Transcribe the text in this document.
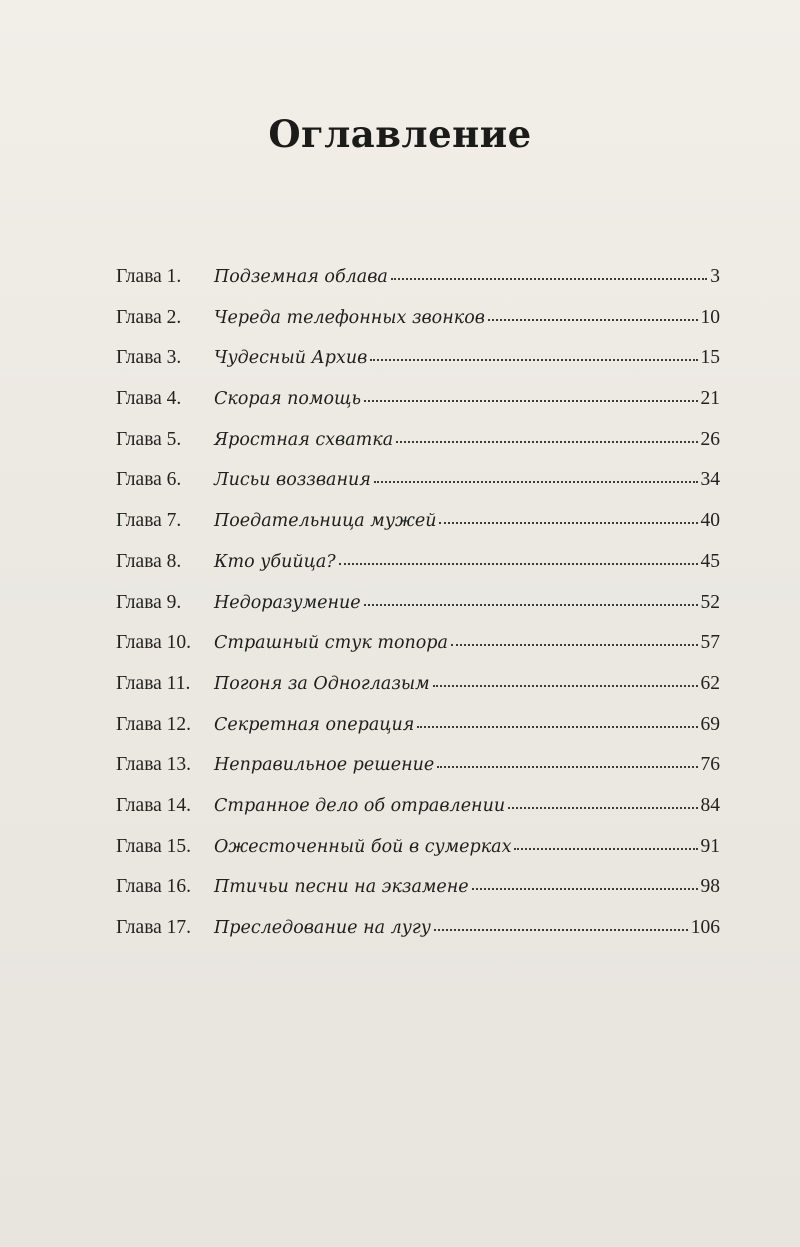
Оглавление
Глава 1.	Подземная облава	3
Глава 2.	Череда телефонных звонков	10
Глава 3.	Чудесный Архив	15
Глава 4.	Скорая помощь	21
Глава 5.	Яростная схватка	26
Глава 6.	Лисьи воззвания	34
Глава 7.	Поедательница мужей	40
Глава 8.	Кто убийца?	45
Глава 9.	Недоразумение	52
Глава 10.	Страшный стук топора	57
Глава 11.	Погоня за Одноглазым	62
Глава 12.	Секретная операция	69
Глава 13.	Неправильное решение	76
Глава 14.	Странное дело об отравлении	84
Глава 15.	Ожесточенный бой в сумерках	91
Глава 16.	Птичьи песни на экзамене	98
Глава 17.	Преследование на лугу	106
